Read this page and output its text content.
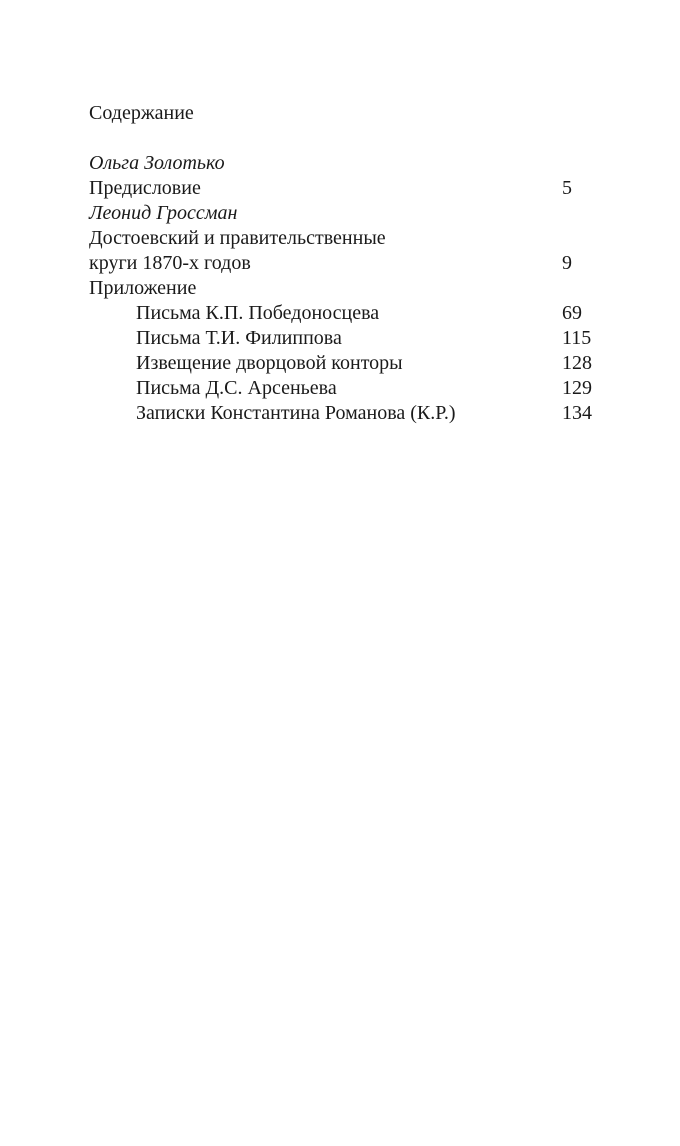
Содержание
Ольга Золотько
Предисловие	5
Леонид Гроссман
Достоевский и правительственные
круги 1870-х годов	9
Приложение
Письма К.П. Победоносцева	69
Письма Т.И. Филиппова	115
Извещение дворцовой конторы	128
Письма Д.С. Арсеньева	129
Записки Константина Романова (К.Р.)	134
